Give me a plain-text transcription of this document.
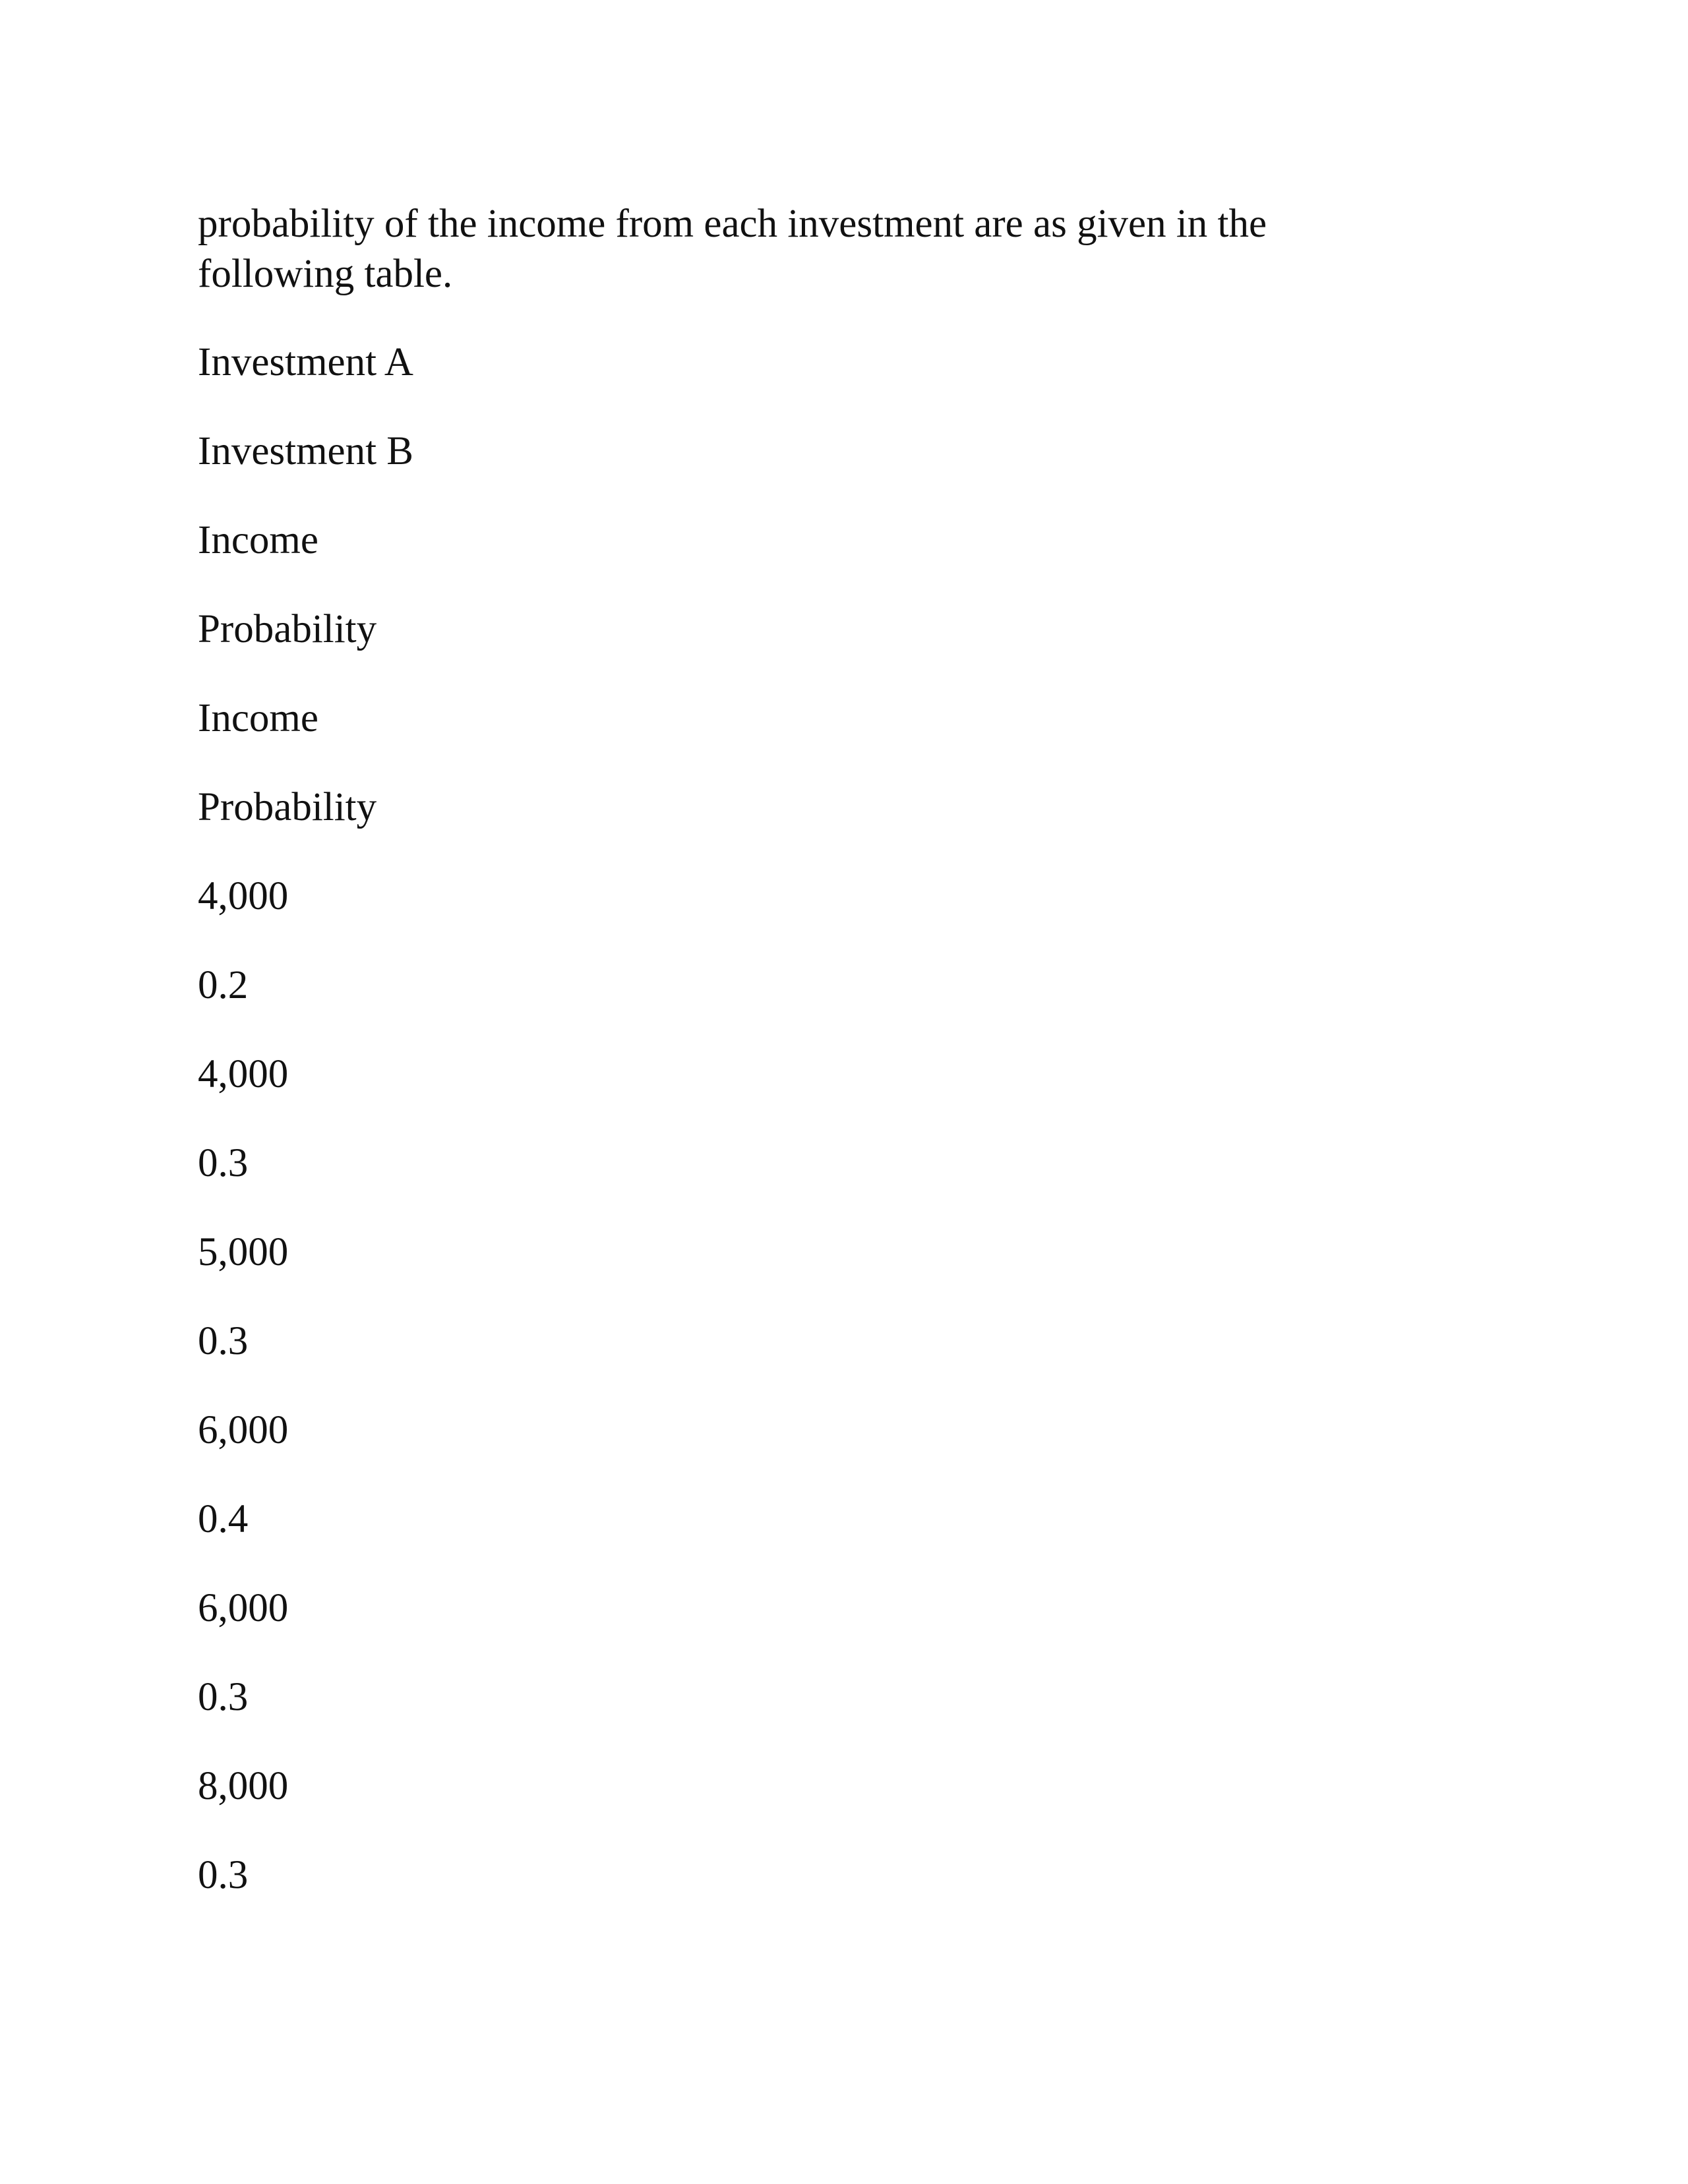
probability of the income from each investment are as given in the
following table.

Investment A
Investment B
Income
Probability
Income
Probability
4,000
0.2
4,000
0.3
5,000
0.3
6,000
0.4
6,000
0.3
8,000
0.3
